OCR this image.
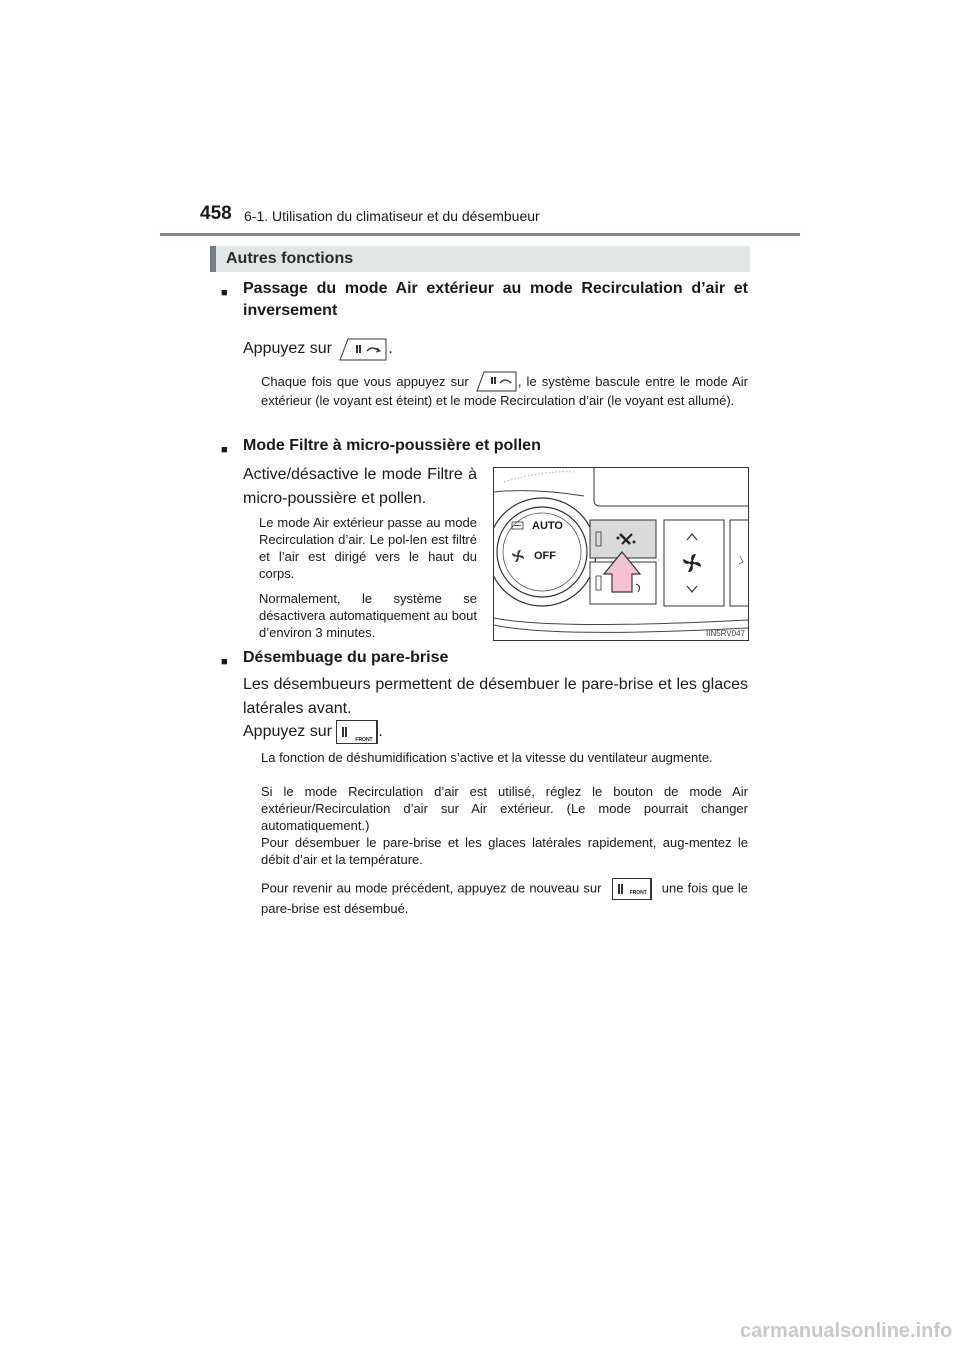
458 6-1. Utilisation du climatiseur et du désembueur
Autres fonctions
■ Passage du mode Air extérieur au mode Recirculation d’air et inversement
Appuyez sur	.
Chaque fois que vous appuyez sur	, le système bascule entre le mode Air extérieur (le voyant est éteint) et le mode Recirculation d’air (le voyant est allumé).
■ Mode Filtre à micro-poussière et pollen
Active/désactive le mode Filtre à micro-poussière et pollen.
Le mode Air extérieur passe au mode Recirculation d’air. Le pol-len est filtré et l’air est dirigé vers le haut du corps.
Normalement, le système se désactivera automatiquement au bout d’environ 3 minutes.
AUTO
OFF
IIN5RV047
■ Désembuage du pare-brise
Les désembueurs permettent de désembuer le pare-brise et les glaces latérales avant.
Appuyez sur	FRONT .
La fonction de déshumidification s’active et la vitesse du ventilateur augmente.
Si le mode Recirculation d’air est utilisé, réglez le bouton de mode Air extérieur/Recirculation d’air sur Air extérieur. (Le mode pourrait changer automatiquement.)
Pour désembuer le pare-brise et les glaces latérales rapidement, aug-mentez le débit d’air et la température.
Pour revenir au mode précédent, appuyez de nouveau sur	FRONT une fois que le pare-brise est désembué.
carmanualsonline.info
